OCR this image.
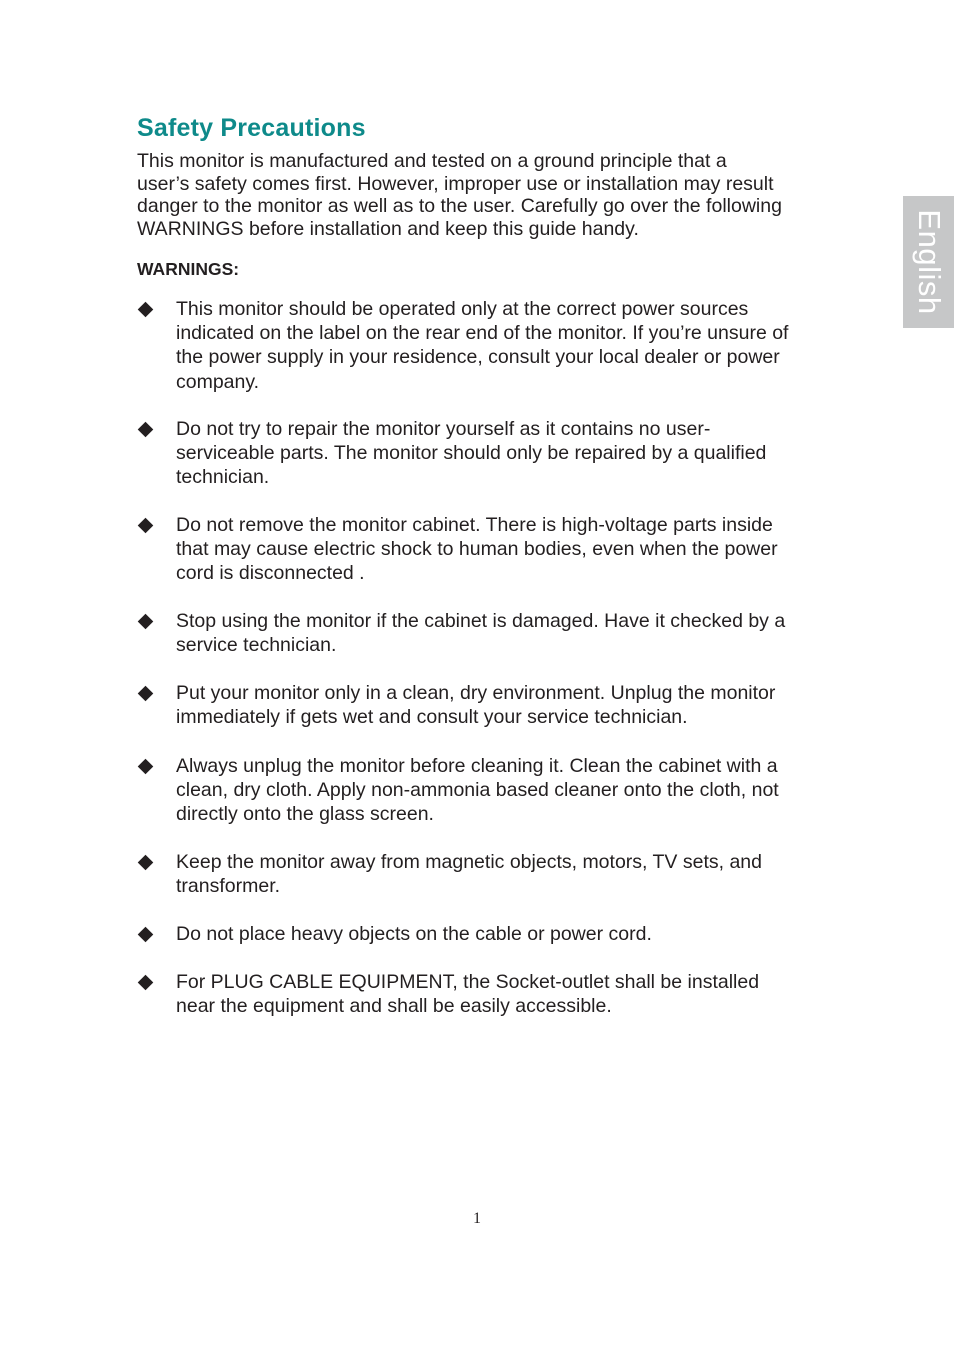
Safety Precautions

This monitor is manufactured and tested on a ground principle that a
user’s safety comes first. However, improper use or installation may result
danger to the monitor as well as to the user. Carefully go over the following
WARNINGS before installation and keep this guide handy.

WARNINGS:

This monitor should be operated only at the correct power sources
indicated on the label on the rear end of the monitor. If you’re unsure of
the power supply in your residence, consult your local dealer or power
company.
Do not try to repair the monitor yourself as it contains no user-
serviceable parts. The monitor should only be repaired by a qualified
technician.
Do not remove the monitor cabinet. There is high-voltage parts inside
that may cause electric shock to human bodies, even when the power
cord is disconnected .
Stop using the monitor if the cabinet is damaged. Have it checked by a
service technician.
Put your monitor only in a clean, dry environment. Unplug the monitor
immediately if gets wet and consult your service technician.
Always unplug the monitor before cleaning it. Clean the cabinet with a
clean, dry cloth. Apply non-ammonia based cleaner onto the cloth, not
directly onto the glass screen.
Keep the monitor away from magnetic objects, motors, TV sets, and
transformer.
Do not place heavy objects on the cable or power cord.
For PLUG CABLE EQUIPMENT, the Socket-outlet shall be installed
near the equipment and shall be easily accessible.
English
1
